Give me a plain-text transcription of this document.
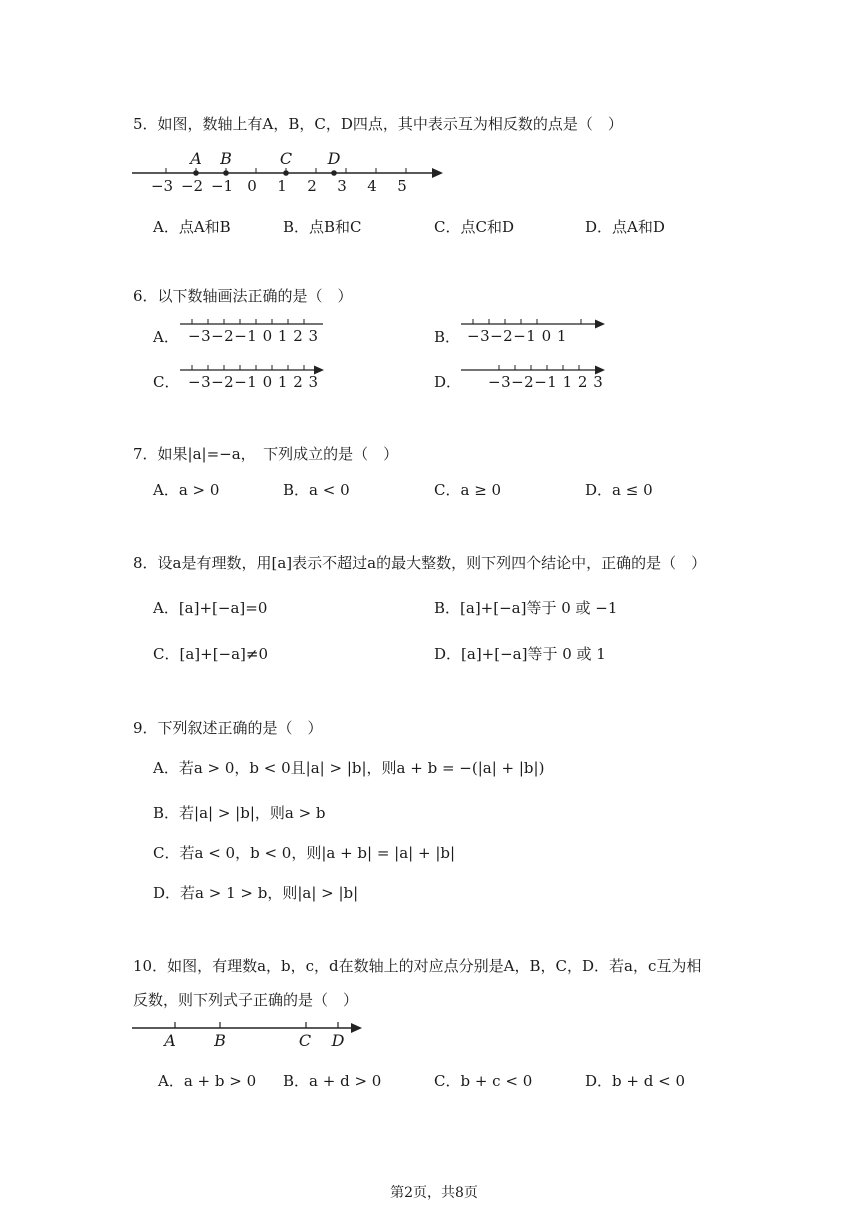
5．如图，数轴上有A，B，C，D四点，其中表示互为相反数的点是（　）
−3 −2 −1 0 1 2 3 4 5
A B	C D
A．点A和B	B．点B和C	C．点C和D	D．点A和D
6．以下数轴画法正确的是（　）
A． −3−2−1 0 1 2 3	B． −3−2−1 0 1
C． −3−2−1 0 1 2 3	D． −3−2−1 1 2 3
7．如果|a|=−a，　下列成立的是（　）
A．a > 0	B．a < 0	C．a ≥ 0	D．a ≤ 0
8．设a是有理数，用[a]表示不超过a的最大整数，则下列四个结论中，正确的是（　）
A．[a]+[−a]=0	B．[a]+[−a]等于 0 或 −1
C．[a]+[−a]≠0	D．[a]+[−a]等于 0 或 1
9．下列叙述正确的是（　）
A．若a > 0，b < 0且|a| > |b|，则a + b = −(|a| + |b|)
B．若|a| > |b|，则a > b
C．若a < 0，b < 0，则|a + b| = |a| + |b|
D．若a > 1 > b，则|a| > |b|
10．如图，有理数a，b，c，d在数轴上的对应点分别是A，B，C，D．若a，c互为相
反数，则下列式子正确的是（　）
A B	C D
A．a + b > 0 B．a + d > 0	C．b + c < 0	D．b + d < 0
第2页，共8页
